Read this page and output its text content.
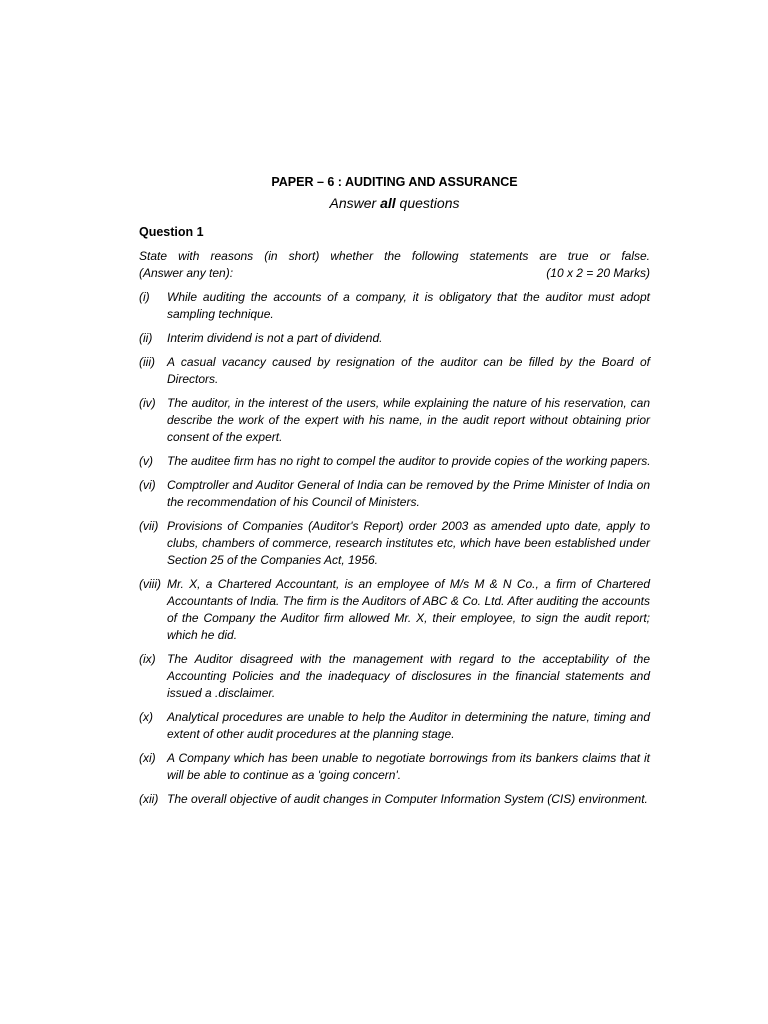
PAPER – 6 : AUDITING AND ASSURANCE

Answer all questions

Question 1

State with reasons (in short) whether the following statements are true or false.

(Answer any ten):	(10 x 2 = 20 Marks)
(i)	While auditing the accounts of a company, it is obligatory that the auditor must adopt sampling technique.
(ii)	Interim dividend is not a part of dividend.
(iii)	A casual vacancy caused by resignation of the auditor can be filled by the Board of Directors.
(iv) The auditor, in the interest of the users, while explaining the nature of his reservation, can describe the work of the expert with his name, in the audit report without obtaining prior consent of the expert.
(v)	The auditee firm has no right to compel the auditor to provide copies of the working papers.
(vi) Comptroller and Auditor General of India can be removed by the Prime Minister of India on the recommendation of his Council of Ministers.
(vii) Provisions of Companies (Auditor's Report) order 2003 as amended upto date, apply to clubs, chambers of commerce, research institutes etc, which have been established under Section 25 of the Companies Act, 1956.
(viii) Mr. X, a Chartered Accountant, is an employee of M/s M & N Co., a firm of Chartered Accountants of India. The firm is the Auditors of ABC & Co. Ltd. After auditing the accounts of the Company the Auditor firm allowed Mr. X, their employee, to sign the audit report; which he did.
(ix) The Auditor disagreed with the management with regard to the acceptability of the Accounting Policies and the inadequacy of disclosures in the financial statements and issued a .disclaimer.
(x)	Analytical procedures are unable to help the Auditor in determining the nature, timing and extent of other audit procedures at the planning stage.
(xi) A Company which has been unable to negotiate borrowings from its bankers claims that it will be able to continue as a 'going concern'.
(xii) The overall objective of audit changes in Computer Information System (CIS) environment.
